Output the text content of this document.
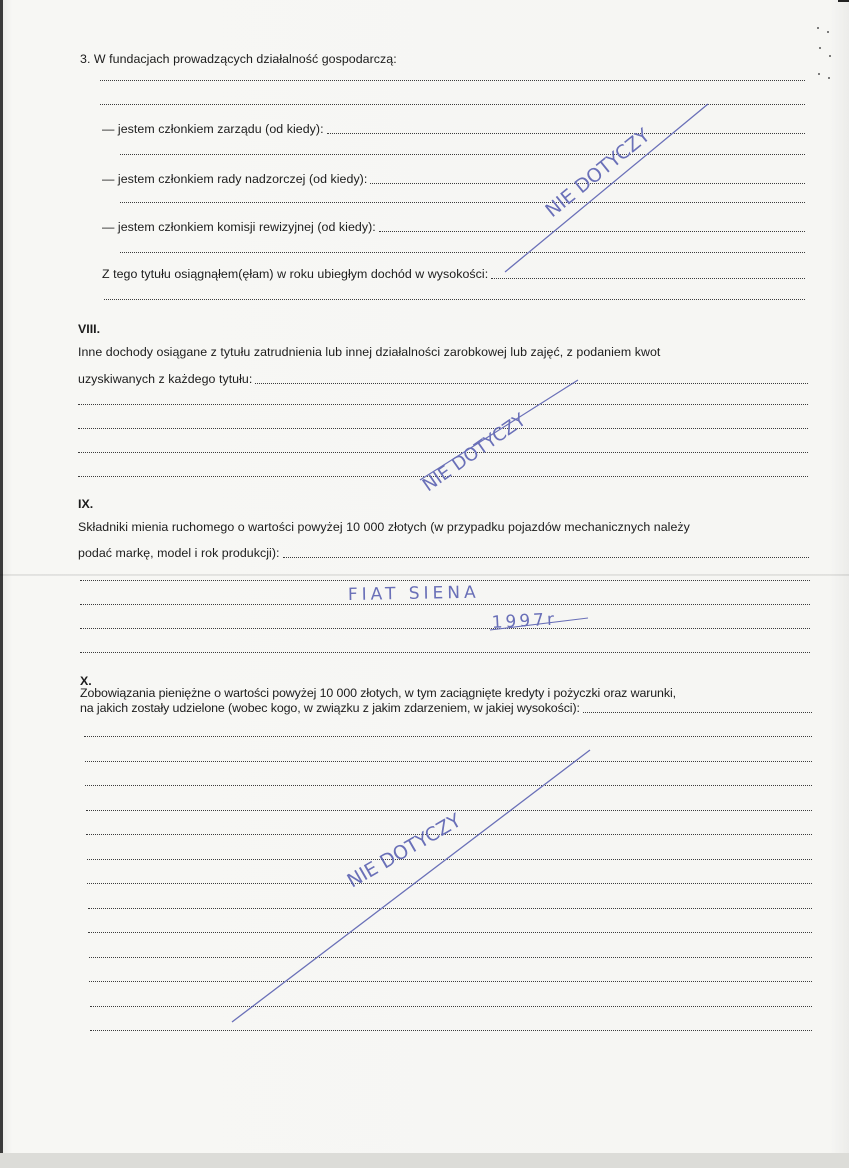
3. W fundacjach prowadzących działalność gospodarczą:
— jestem członkiem zarządu (od kiedy):
— jestem członkiem rady nadzorczej (od kiedy):
— jestem członkiem komisji rewizyjnej (od kiedy):
Z tego tytułu osiągnąłem(ęłam) w roku ubiegłym dochód w wysokości:
VIII.
Inne dochody osiągane z tytułu zatrudnienia lub innej działalności zarobkowej lub zajęć, z podaniem kwot
uzyskiwanych z każdego tytułu:
IX.
Składniki mienia ruchomego o wartości powyżej 10 000 złotych (w przypadku pojazdów mechanicznych należy
podać markę, model i rok produkcji):
X.
Zobowiązania pieniężne o wartości powyżej 10 000 złotych, w tym zaciągnięte kredyty i pożyczki oraz warunki,
na jakich zostały udzielone (wobec kogo, w związku z jakim zdarzeniem, w jakiej wysokości):
NIE DOTYCZY
NIE DOTYCZY
FIAT SIENA
1997r
NIE DOTYCZY
